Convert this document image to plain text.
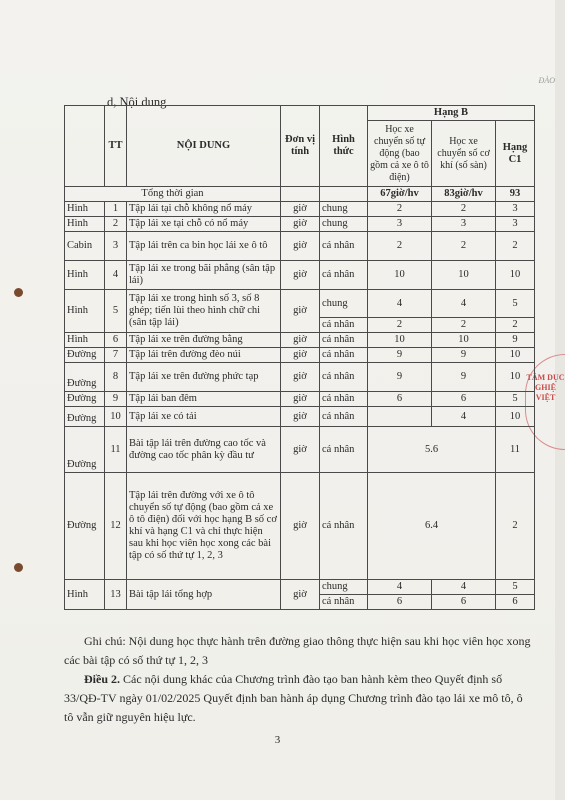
ĐÀO
TÂM DỤC GHIỆ VIỆT
d, Nội dung
	TT	NỘI DUNG	Đơn vị tính	Hình thức	Hạng B		
					Học xe chuyển số tự động (bao gồm cả xe ô tô điện)	Học xe chuyển số cơ khí (số sàn)	Hạng C1
Tổng thời gian					67giờ/hv	83giờ/hv	93
Hình	1	Tập lái tại chỗ không nổ máy	giờ	chung	2	2	3
Hình	2	Tập lái xe tại chỗ có nổ máy	giờ	chung	3	3	3
Cabin	3	Tập lái trên ca bin học lái xe ô tô	giờ	cá nhân	2	2	2
Hình	4	Tập lái xe trong bãi phẳng (sân tập lái)	giờ	cá nhân	10	10	10
Hình	5	Tập lái xe trong hình số 3, số 8 ghép; tiến lùi theo hình chữ chi (sân tập lái)	giờ	chung	4	4	5
				cá nhân	2	2	2
Hình	6	Tập lái xe trên đường bằng	giờ	cá nhân	10	10	9
Đường	7	Tập lái trên đường đèo núi	giờ	cá nhân	9	9	10
Đường	8	Tập lái xe trên đường phức tạp	giờ	cá nhân	9	9	10
Đường	9	Tập lái ban đêm	giờ	cá nhân	6	6	5
Đường	10	Tập lái xe có tải	giờ	cá nhân		4	10
Đường	11	Bài tập lái trên đường cao tốc và đường cao tốc phân kỳ đầu tư	giờ	cá nhân	5.6		11
Đường	12	Tập lái trên đường với xe ô tô chuyển số tự động (bao gồm cả xe ô tô điện) đối với học hạng B số cơ khí và hạng C1 và chỉ thực hiện sau khi học viên học xong các bài tập có số thứ tự 1, 2, 3	giờ	cá nhân	6.4		2
Hình	13	Bài tập lái tổng hợp	giờ	chung	4	4	5
				cá nhân	6	6	6

Ghi chú: Nội dung học thực hành trên đường giao thông thực hiện sau khi học viên học xong các bài tập có số thứ tự 1, 2, 3

Điều 2. Các nội dung khác của Chương trình đào tạo ban hành kèm theo Quyết định số 33/QĐ-TV ngày 01/02/2025 Quyết định ban hành áp dụng Chương trình đào tạo lái xe mô tô, ô tô vẫn giữ nguyên hiệu lực.

3
